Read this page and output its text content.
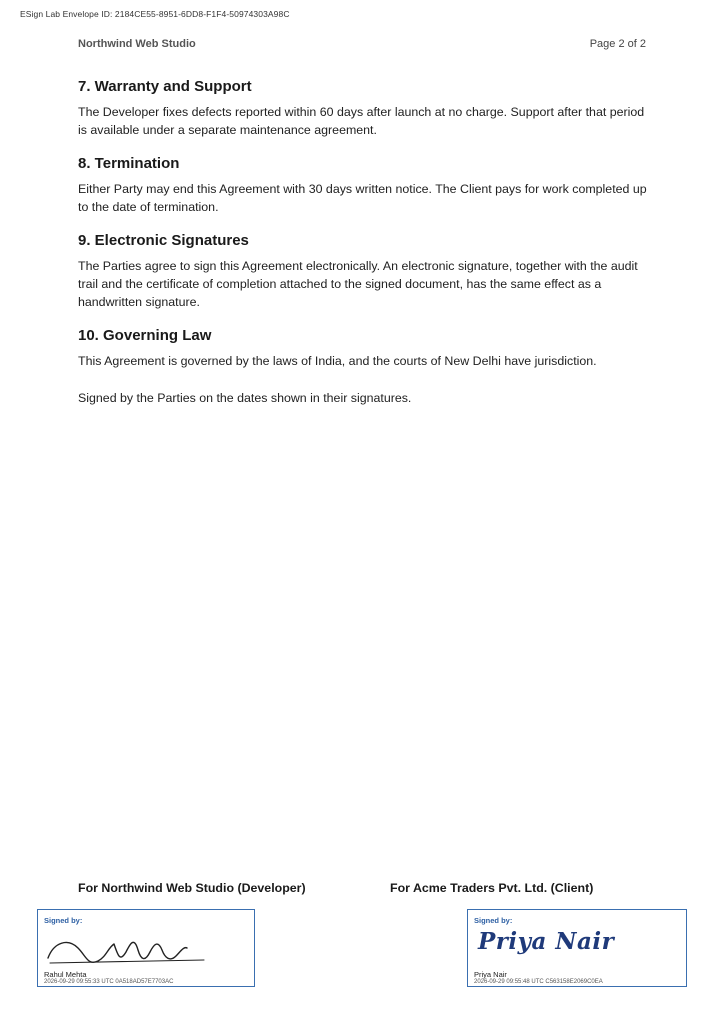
ESign Lab Envelope ID: 2184CE55-8951-6DD8-F1F4-50974303A98C
Northwind Web Studio	Page 2 of 2
7. Warranty and Support

The Developer fixes defects reported within 60 days after launch at no charge. Support after that period is available under a separate maintenance agreement.

8. Termination

Either Party may end this Agreement with 30 days written notice. The Client pays for work completed up to the date of termination.

9. Electronic Signatures

The Parties agree to sign this Agreement electronically. An electronic signature, together with the audit trail and the certificate of completion attached to the signed document, has the same effect as a handwritten signature.

10. Governing Law

This Agreement is governed by the laws of India, and the courts of New Delhi have jurisdiction.

Signed by the Parties on the dates shown in their signatures.

For Northwind Web Studio (Developer)	For Acme Traders Pvt. Ltd. (Client)
Signed by:
Rahul Mehta
2026-09-29 09:55:33 UTC 0A518AD57E7703AC
Signed by:
Priya Nair
Priya Nair
2026-09-29 09:55:48 UTC C563158E2069C0EA
